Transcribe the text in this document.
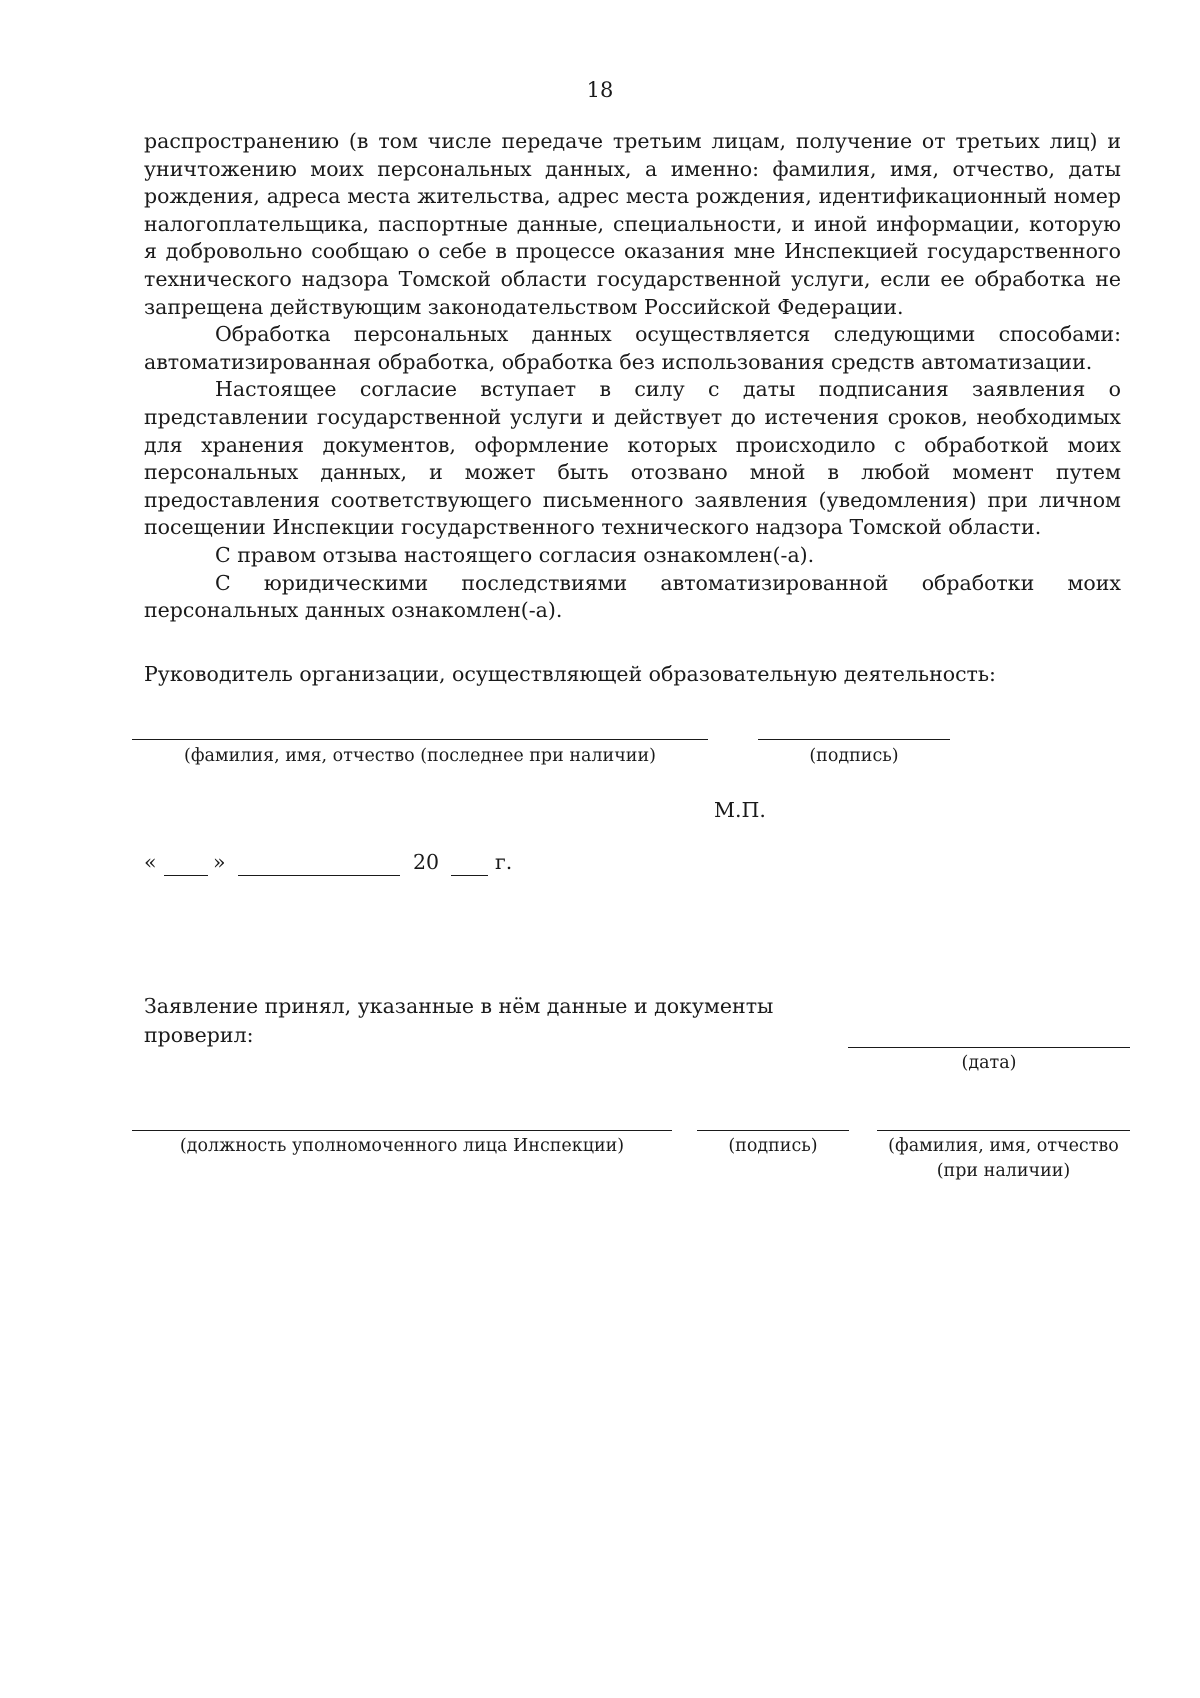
18

распространению (в том числе передаче третьим лицам, получение от третьих лиц) и уничтожению моих персональных данных, а именно: фамилия, имя, отчество, даты рождения, адреса места жительства, адрес места рождения, идентификационный номер налогоплательщика, паспортные данные, специальности, и иной информации, которую я добровольно сообщаю о себе в процессе оказания мне Инспекцией государственного технического надзора Томской области государственной услуги, если ее обработка не запрещена действующим законодательством Российской Федерации.

Обработка персональных данных осуществляется следующими способами: автоматизированная обработка, обработка без использования средств автоматизации.

Настоящее согласие вступает в силу с даты подписания заявления о представлении государственной услуги и действует до истечения сроков, необходимых для хранения документов, оформление которых происходило с обработкой моих персональных данных, и может быть отозвано мной в любой момент путем предоставления соответствующего письменного заявления (уведомления) при личном посещении Инспекции государственного технического надзора Томской области.

С правом отзыва настоящего согласия ознакомлен(-а).

С юридическими последствиями автоматизированной обработки моих персональных данных ознакомлен(-а).

Руководитель организации, осуществляющей образовательную деятельность:
(фамилия, имя, отчество (последнее при наличии)	(подпись)
М.П.
«	»	20	г.
Заявление принял, указанные в нём данные и документы проверил:
(дата)
(должность уполномоченного лица Инспекции)	(подпись)	(фамилия, имя, отчество
(при наличии)
